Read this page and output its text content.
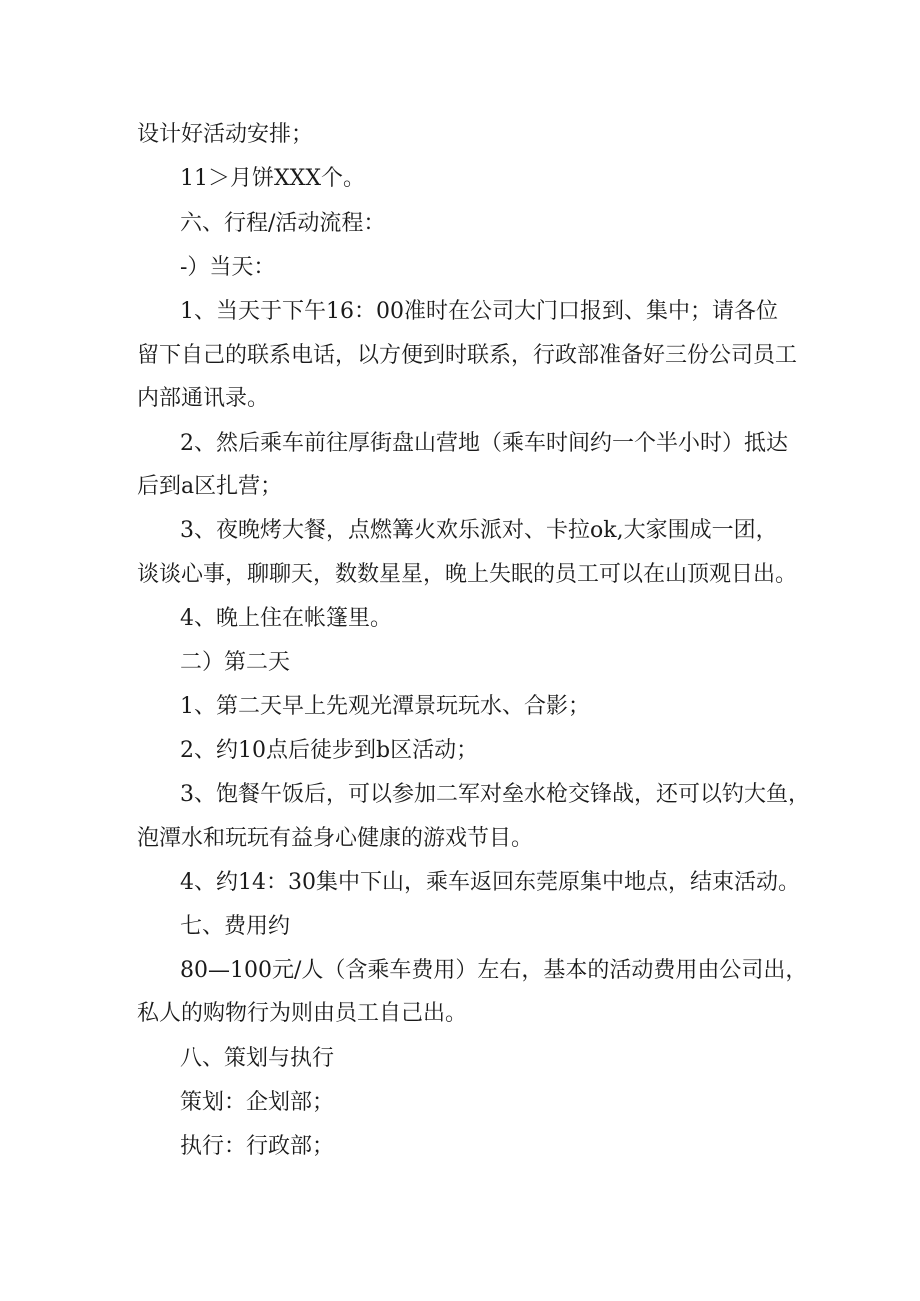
设计好活动安排；
11＞月饼XXX个。
六、行程/活动流程：
-）当天：
1、当天于下午16：00准时在公司大门口报到、集中；请各位
留下自己的联系电话，以方便到时联系，行政部准备好三份公司员工
内部通讯录。
2、然后乘车前往厚街盘山营地（乘车时间约一个半小时）抵达
后到a区扎营；
3、夜晚烤大餐，点燃篝火欢乐派对、卡拉ok,大家围成一团，
谈谈心事，聊聊天，数数星星，晚上失眠的员工可以在山顶观日出。
4、晚上住在帐篷里。
二）第二天
1、第二天早上先观光潭景玩玩水、合影；
2、约10点后徒步到b区活动；
3、饱餐午饭后，可以参加二军对垒水枪交锋战，还可以钓大鱼，
泡潭水和玩玩有益身心健康的游戏节目。
4、约14：30集中下山，乘车返回东莞原集中地点，结束活动。
七、费用约
80—100元/人（含乘车费用）左右，基本的活动费用由公司出，
私人的购物行为则由员工自己出。
八、策划与执行
策划：企划部；
执行：行政部；
